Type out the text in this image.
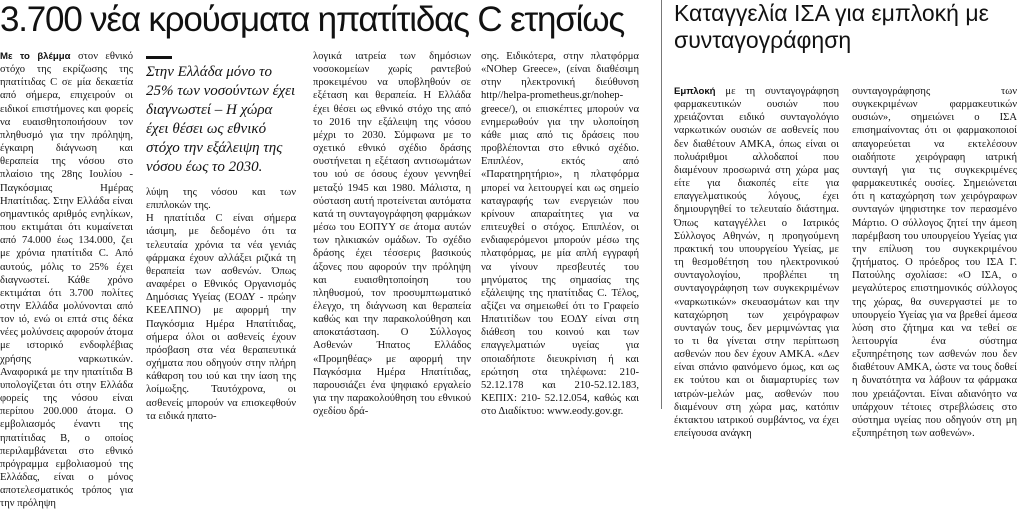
3.700 νέα κρούσματα ηπατίτιδας C ετησίως
Με το βλέμμα στον εθνικό στόχο της εκρίζωσης της ηπατίτιδας C σε μία δεκαετία από σήμερα, επιχειρούν οι ειδικοί επιστήμονες και φορείς να ευαισθητοποιήσουν τον πληθυσμό για την πρόληψη, έγκαιρη διάγνωση και θεραπεία της νόσου στο πλαίσιο της 28ης Ιουλίου - Παγκόσμιας Ημέρας Ηπατίτιδας. Στην Ελλάδα είναι σημαντικός αριθμός ενηλίκων, που εκτιμάται ότι κυμαίνεται από 74.000 έως 134.000, ζει με χρόνια ηπατίτιδα C. Από αυτούς, μόλις το 25% έχει διαγνωστεί. Κάθε χρόνο εκτιμάται ότι 3.700 πολίτες στην Ελλάδα μολύνονται από τον ιό, ενώ οι επτά στις δέκα νέες μολύνσεις αφορούν άτομα με ιστορικό ενδοφλέβιας χρήσης ναρκωτικών. Αναφορικά με την ηπατίτιδα Β υπολογίζεται ότι στην Ελλάδα φορείς της νόσου είναι περίπου 200.000 άτομα. Ο εμβολιασμός έναντι της ηπατίτιδας Β, ο οποίος περιλαμβάνεται στο εθνικό πρόγραμμα εμβολιασμού της Ελλάδας, είναι ο μόνος αποτελεσματικός τρόπος για την πρόληψη
Στην Ελλάδα μόνο το 25% των νοσούντων έχει διαγνωστεί – Η χώρα έχει θέσει ως εθνικό στόχο την εξάλειψη της νόσου έως το 2030.

λύψη της νόσου και των επιπλοκών της.

Η ηπατίτιδα C είναι σήμερα ιάσιμη, με δεδομένο ότι τα τελευταία χρόνια τα νέα γενιάς φάρμακα έχουν αλλάξει ριζικά τη θεραπεία των ασθενών. Όπως αναφέρει ο Εθνικός Οργανισμός Δημόσιας Υγείας (ΕΟΔΥ - πρώην ΚΕΕΛΠΝΟ) με αφορμή την Παγκόσμια Ημέρα Ηπατίτιδας, σήμερα όλοι οι ασθενείς έχουν πρόσβαση στα νέα θεραπευτικά σχήματα που οδηγούν στην πλήρη κάθαρση του ιού και την ίαση της λοίμωξης. Ταυτόχρονα, οι ασθενείς μπορούν να επισκεφθούν τα ειδικά ηπατο-

λογικά ιατρεία των δημόσιων νοσοκομείων χωρίς ραντεβού προκειμένου να υποβληθούν σε εξέταση και θεραπεία. Η Ελλάδα έχει θέσει ως εθνικό στόχο της από το 2016 την εξάλειψη της νόσου μέχρι το 2030. Σύμφωνα με το σχετικό εθνικό σχέδιο δράσης συστήνεται η εξέταση αντισωμάτων του ιού σε όσους έχουν γεννηθεί μεταξύ 1945 και 1980. Μάλιστα, η σύσταση αυτή προτείνεται αυτόματα κατά τη συνταγογράφηση φαρμάκων μέσω του ΕΟΠΥΥ σε άτομα αυτών των ηλικιακών ομάδων. Το σχέδιο δράσης έχει τέσσερις βασικούς άξονες που αφορούν την πρόληψη και ευαισθητοποίηση του πληθυσμού, τον προσυμπτωματικό έλεγχο, τη διάγνωση και θεραπεία καθώς και την παρακολούθηση και αποκατάσταση. Ο Σύλλογος Ασθενών Ήπατος Ελλάδος «Προμηθέας» με αφορμή την Παγκόσμια Ημέρα Ηπατίτιδας, παρουσιάζει ένα ψηφιακό εργαλείο για την παρακολούθηση του εθνικού σχεδίου δρά-
σης. Ειδικότερα, στην πλατφόρμα «NOhep Greece», (είναι διαθέσιμη στην ηλεκτρονική διεύθυνση http//helpa-prometheus.gr/nohep-greece/), οι επισκέπτες μπορούν να ενημερωθούν για την υλοποίηση κάθε μιας από τις δράσεις που προβλέπονται στο εθνικό σχέδιο. Επιπλέον, εκτός από «Παρατηρητήριο», η πλατφόρμα μπορεί να λειτουργεί και ως σημείο καταγραφής των ενεργειών που κρίνουν απαραίτητες για να επιτευχθεί ο στόχος. Επιπλέον, οι ενδιαφερόμενοι μπορούν μέσω της πλατφόρμας, με μία απλή εγγραφή να γίνουν πρεσβευτές του μηνύματος της σημασίας της εξάλειψης της ηπατίτιδας C. Τέλος, αξίζει να σημειωθεί ότι το Γραφείο Ηπατιτίδων του ΕΟΔΥ είναι στη διάθεση του κοινού και των επαγγελματιών υγείας για οποιαδήποτε διευκρίνιση ή και ερώτηση στα τηλέφωνα: 210-52.12.178 και 210-52.12.183, ΚΕΠΙΧ: 210- 52.12.054, καθώς και στο Διαδίκτυο: www.eody.gov.gr.
Καταγγελία ΙΣΑ για εμπλοκή με συνταγογράφηση
Εμπλοκή με τη συνταγογράφηση φαρμακευτικών ουσιών που χρειάζονται ειδικό συνταγολόγιο ναρκωτικών ουσιών σε ασθενείς που δεν διαθέτουν ΑΜΚΑ, όπως είναι οι πολυάριθμοι αλλοδαποί που διαμένουν προσωρινά στη χώρα μας είτε για διακοπές είτε για επαγγελματικούς λόγους, έχει δημιουργηθεί το τελευταίο διάστημα. Όπως καταγγέλλει ο Ιατρικός Σύλλογος Αθηνών, η προηγούμενη πρακτική του υπουργείου Υγείας, με τη θεσμοθέτηση του ηλεκτρονικού συνταγολογίου, προβλέπει τη συνταγογράφηση των συγκεκριμένων «ναρκωτικών» σκευασμάτων και την καταχώρηση των χειρόγραφων συνταγών τους, δεν μεριμνώντας για το τι θα γίνεται στην περίπτωση ασθενών που δεν έχουν ΑΜΚΑ. «Δεν είναι σπάνιο φαινόμενο όμως, και ως εκ τούτου και οι διαμαρτυρίες των ιατρών-μελών μας, ασθενών που διαμένουν στη χώρα μας, κατόπιν έκτακτου ιατρικού συμβάντος, να έχει επείγουσα ανάγκη
συνταγογράφησης των συγκεκριμένων φαρμακευτικών ουσιών», σημειώνει ο ΙΣΑ επισημαίνοντας ότι οι φαρμακοποιοί απαγορεύεται να εκτελέσουν οιαδήποτε χειρόγραφη ιατρική συνταγή για τις συγκεκριμένες φαρμακευτικές ουσίες. Σημειώνεται ότι η καταχώρηση των χειρόγραφων συνταγών ψηφιστηκε τον περασμένο Μάρτιο. Ο σύλλογος ζητεί την άμεση παρέμβαση του υπουργείου Υγείας για την επίλυση του συγκεκριμένου ζητήματος. Ο πρόεδρος του ΙΣΑ Γ. Πατούλης σχολίασε: «Ο ΙΣΑ, ο μεγαλύτερος επιστημονικός σύλλογος της χώρας, θα συνεργαστεί με το υπουργείο Υγείας για να βρεθεί άμεσα λύση στο ζήτημα και να τεθεί σε λειτουργία ένα σύστημα εξυπηρέτησης των ασθενών που δεν διαθέτουν ΑΜΚΑ, ώστε να τους δοθεί η δυνατότητα να λάβουν τα φάρμακα που χρειάζονται. Είναι αδιανόητο να υπάρχουν τέτοιες στρεβλώσεις στο σύστημα υγείας που οδηγούν στη μη εξυπηρέτηση των ασθενών».
